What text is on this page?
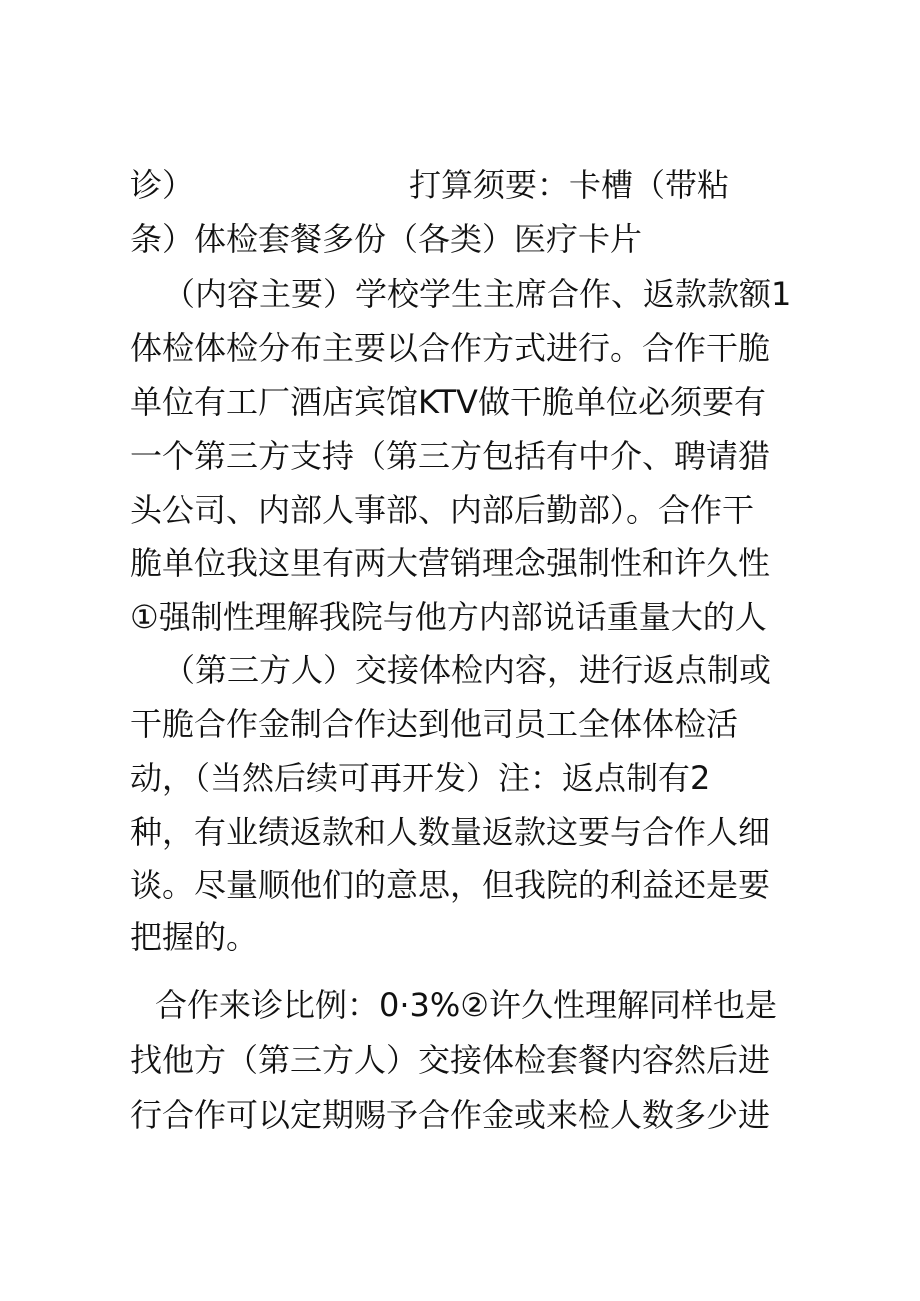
诊）	打算须要：卡槽（带粘
条）体检套餐多份（各类）医疗卡片
（内容主要）学校学生主席合作、返款款额1
体检体检分布主要以合作方式进行。合作干脆
单位有工厂酒店宾馆KTV做干脆单位必须要有
一个第三方支持（第三方包括有中介、聘请猎
头公司、内部人事部、内部后勤部）。合作干
脆单位我这里有两大营销理念强制性和许久性
①强制性理解我院与他方内部说话重量大的人
（第三方人）交接体检内容，进行返点制或
干脆合作金制合作达到他司员工全体体检活
动，（当然后续可再开发）注：返点制有2
种，有业绩返款和人数量返款这要与合作人细
谈。尽量顺他们的意思，但我院的利益还是要
把握的。
合作来诊比例：0·3%②许久性理解同样也是
找他方（第三方人）交接体检套餐内容然后进
行合作可以定期赐予合作金或来检人数多少进
